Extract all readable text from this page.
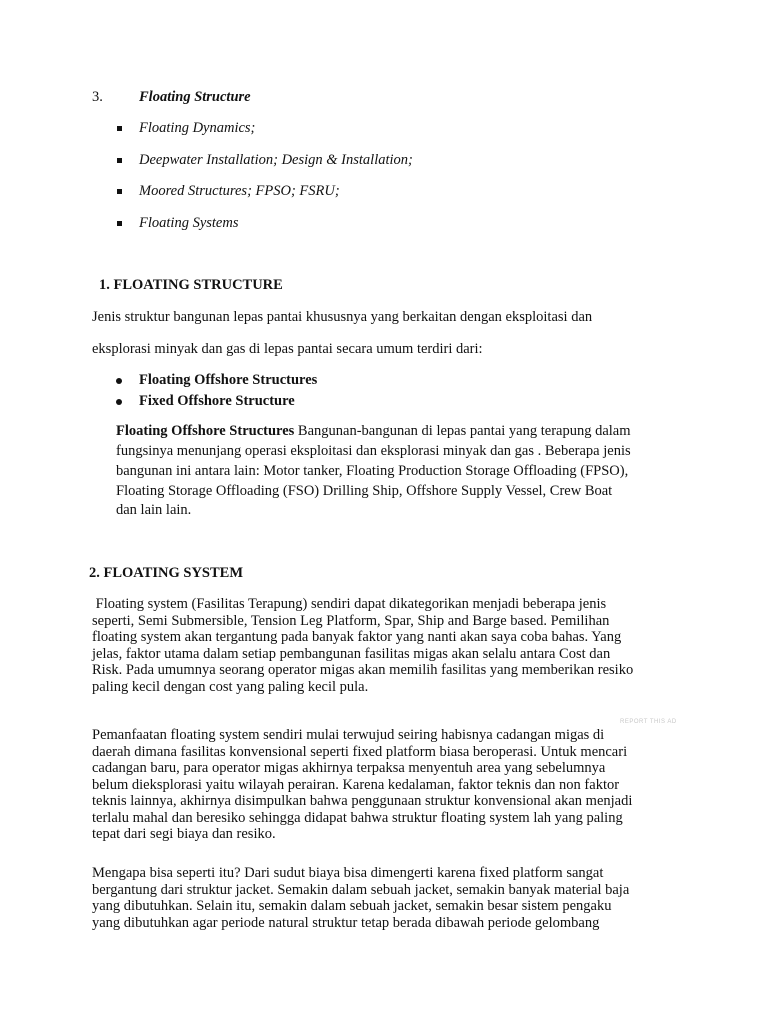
3. Floating Structure
Floating Dynamics;
Deepwater Installation; Design & Installation;
Moored Structures; FPSO; FSRU;
Floating Systems
1. FLOATING STRUCTURE
Jenis struktur bangunan lepas pantai khususnya yang berkaitan dengan eksploitasi dan
eksplorasi minyak dan gas di lepas pantai secara umum terdiri dari:
Floating Offshore Structures
Fixed Offshore Structure
Floating Offshore Structures Bangunan-bangunan di lepas pantai yang terapung dalam
fungsinya menunjang operasi eksploitasi dan eksplorasi minyak dan gas . Beberapa jenis
bangunan ini antara lain: Motor tanker, Floating Production Storage Offloading (FPSO),
Floating Storage Offloading (FSO) Drilling Ship, Offshore Supply Vessel, Crew Boat
dan lain lain.
2. FLOATING SYSTEM
Floating system (Fasilitas Terapung) sendiri dapat dikategorikan menjadi beberapa jenis
seperti, Semi Submersible, Tension Leg Platform, Spar, Ship and Barge based. Pemilihan
floating system akan tergantung pada banyak faktor yang nanti akan saya coba bahas. Yang
jelas, faktor utama dalam setiap pembangunan fasilitas migas akan selalu antara Cost dan
Risk. Pada umumnya seorang operator migas akan memilih fasilitas yang memberikan resiko
paling kecil dengan cost yang paling kecil pula.
REPORT THIS AD
Pemanfaatan floating system sendiri mulai terwujud seiring habisnya cadangan migas di
daerah dimana fasilitas konvensional seperti fixed platform biasa beroperasi. Untuk mencari
cadangan baru, para operator migas akhirnya terpaksa menyentuh area yang sebelumnya
belum dieksplorasi yaitu wilayah perairan. Karena kedalaman, faktor teknis dan non faktor
teknis lainnya, akhirnya disimpulkan bahwa penggunaan struktur konvensional akan menjadi
terlalu mahal dan beresiko sehingga didapat bahwa struktur floating system lah yang paling
tepat dari segi biaya dan resiko.
Mengapa bisa seperti itu? Dari sudut biaya bisa dimengerti karena fixed platform sangat
bergantung dari struktur jacket. Semakin dalam sebuah jacket, semakin banyak material baja
yang dibutuhkan. Selain itu, semakin dalam sebuah jacket, semakin besar sistem pengaku
yang dibutuhkan agar periode natural struktur tetap berada dibawah periode gelombang
